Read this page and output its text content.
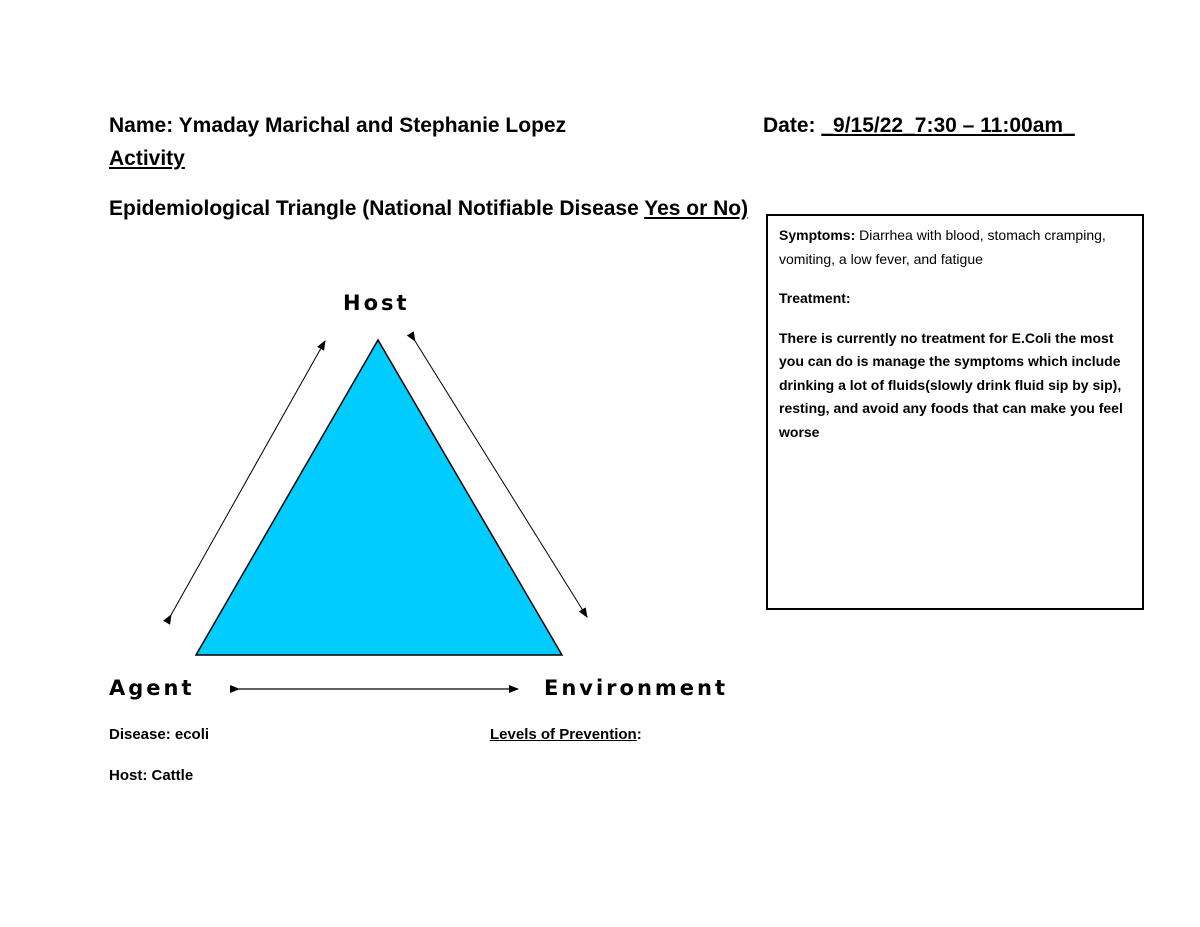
Name: Ymaday Marichal and Stephanie Lopez	Date: _9/15/22_7:30 – 11:00am_
Activity
Epidemiological Triangle (National Notifiable Disease Yes or No)
Host
Agent	Environment

Symptoms: Diarrhea with blood, stomach cramping, vomiting, a low fever, and fatigue

Treatment:

There is currently no treatment for E.Coli the most you can do is manage the symptoms which include drinking a lot of fluids(slowly drink fluid sip by sip), resting, and avoid any foods that can make you feel worse

Disease: ecoli	Levels of Prevention:
Host: Cattle
